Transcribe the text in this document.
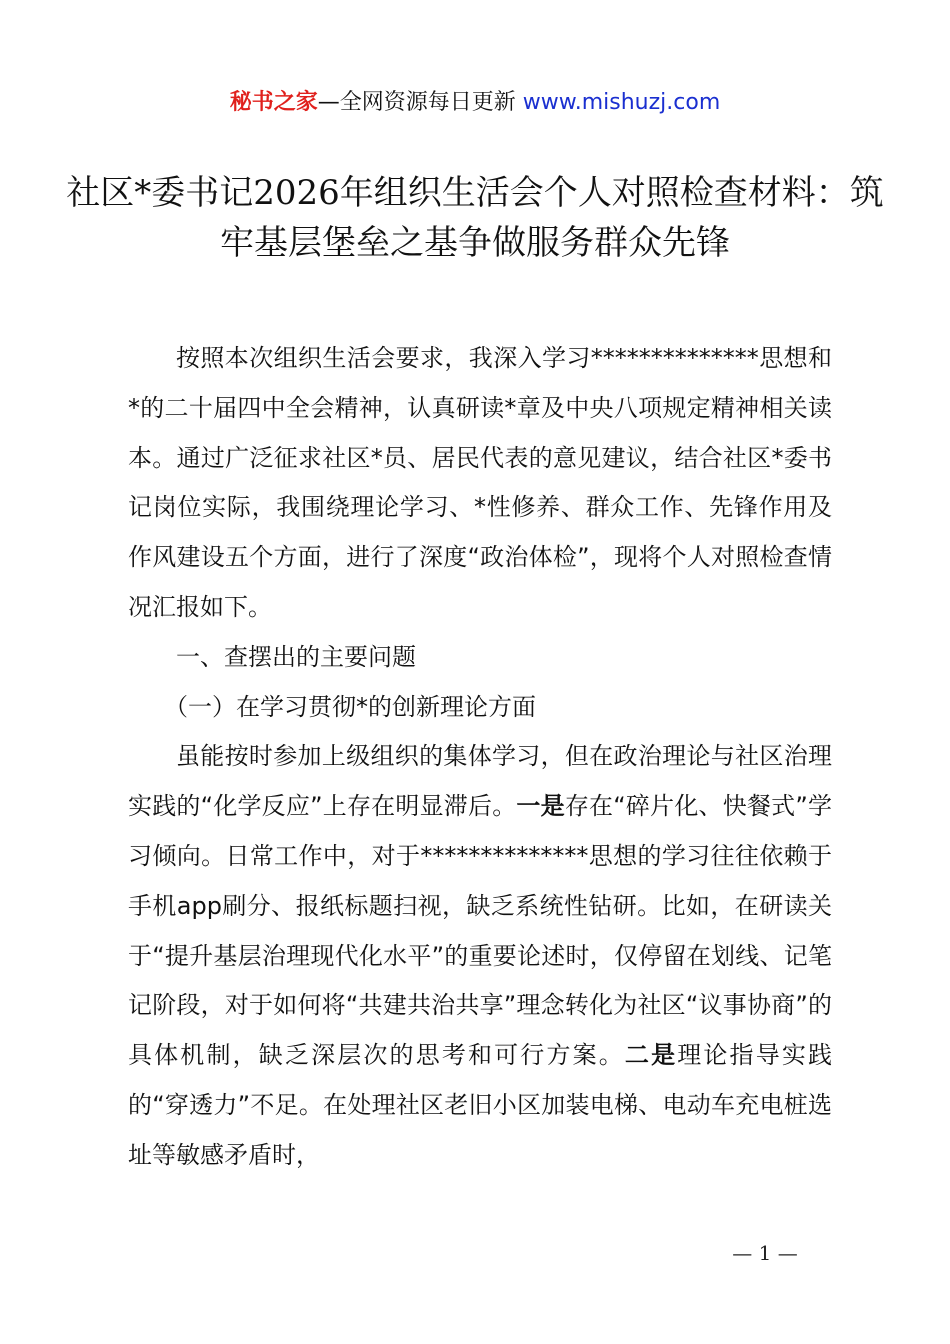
秘书之家—全网资源每日更新 www.mishuzj.com
社区*委书记2026年组织生活会个人对照检查材料：筑牢基层堡垒之基争做服务群众先锋

按照本次组织生活会要求，我深入学习**************思想和*的二十届四中全会精神，认真研读*章及中央八项规定精神相关读本。通过广泛征求社区*员、居民代表的意见建议，结合社区*委书记岗位实际，我围绕理论学习、*性修养、群众工作、先锋作用及作风建设五个方面，进行了深度“政治体检”，现将个人对照检查情况汇报如下。

一、查摆出的主要问题

（一）在学习贯彻*的创新理论方面

虽能按时参加上级组织的集体学习，但在政治理论与社区治理实践的“化学反应”上存在明显滞后。一是存在“碎片化、快餐式”学习倾向。日常工作中，对于**************思想的学习往往依赖于手机app刷分、报纸标题扫视，缺乏系统性钻研。比如，在研读关于“提升基层治理现代化水平”的重要论述时，仅停留在划线、记笔记阶段，对于如何将“共建共治共享”理念转化为社区“议事协商”的具体机制，缺乏深层次的思考和可行方案。二是理论指导实践的“穿透力”不足。在处理社区老旧小区加装电梯、电动车充电桩选址等敏感矛盾时，

— 1 —
